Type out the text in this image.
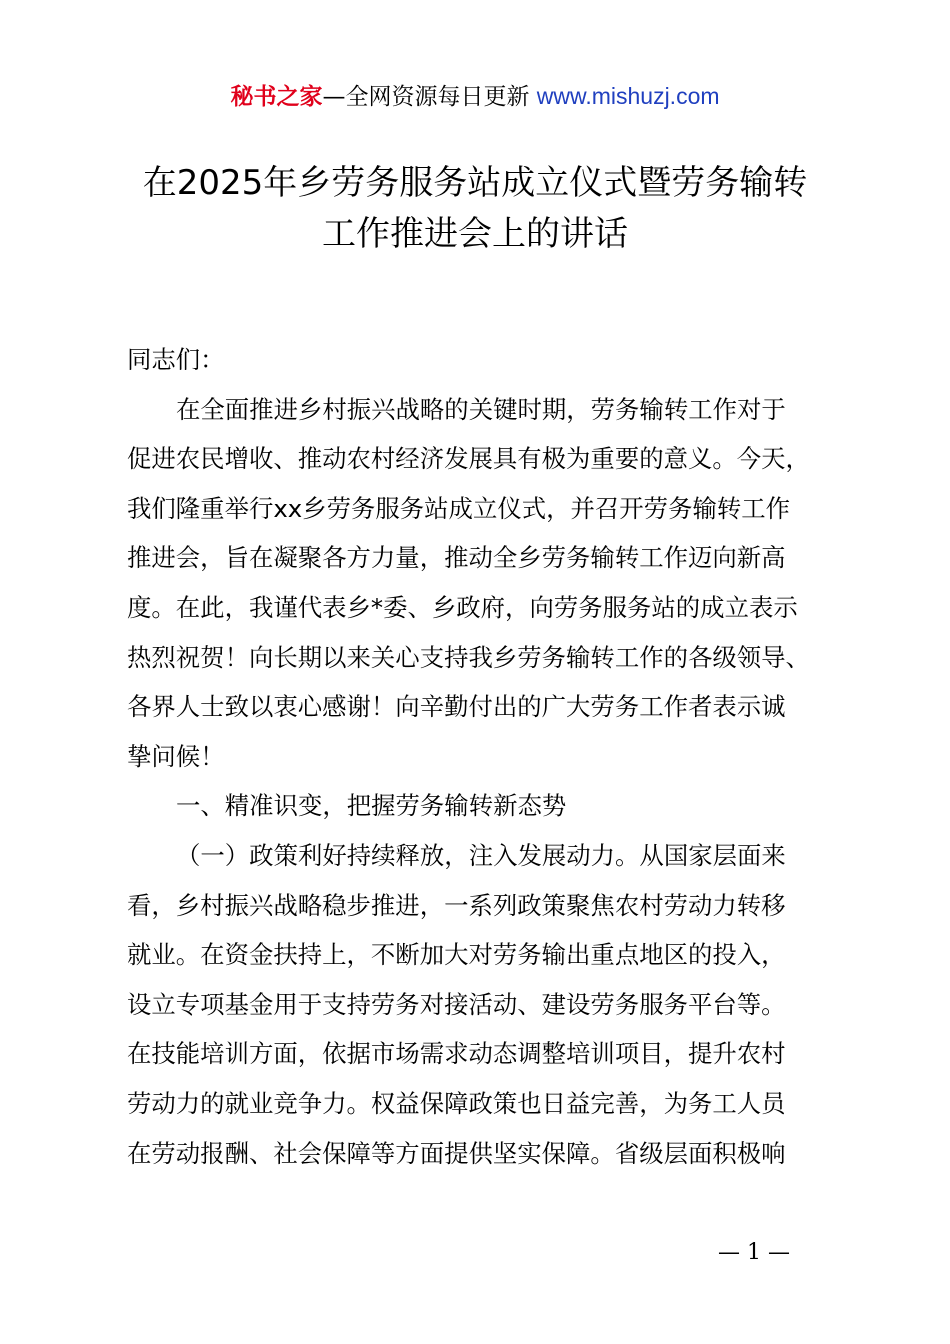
秘书之家—全网资源每日更新 www.mishuzj.com
在2025年乡劳务服务站成立仪式暨劳务输转
工作推进会上的讲话

同志们：

在全面推进乡村振兴战略的关键时期，劳务输转工作对于

促进农民增收、推动农村经济发展具有极为重要的意义。今天，

我们隆重举行xx乡劳务服务站成立仪式，并召开劳务输转工作

推进会，旨在凝聚各方力量，推动全乡劳务输转工作迈向新高

度。在此，我谨代表乡*委、乡政府，向劳务服务站的成立表示

热烈祝贺！向长期以来关心支持我乡劳务输转工作的各级领导、

各界人士致以衷心感谢！向辛勤付出的广大劳务工作者表示诚

挚问候！

一、精准识变，把握劳务输转新态势

（一）政策利好持续释放，注入发展动力。从国家层面来

看，乡村振兴战略稳步推进，一系列政策聚焦农村劳动力转移

就业。在资金扶持上，不断加大对劳务输出重点地区的投入，

设立专项基金用于支持劳务对接活动、建设劳务服务平台等。

在技能培训方面，依据市场需求动态调整培训项目，提升农村

劳动力的就业竞争力。权益保障政策也日益完善，为务工人员

在劳动报酬、社会保障等方面提供坚实保障。省级层面积极响

— 1 —
